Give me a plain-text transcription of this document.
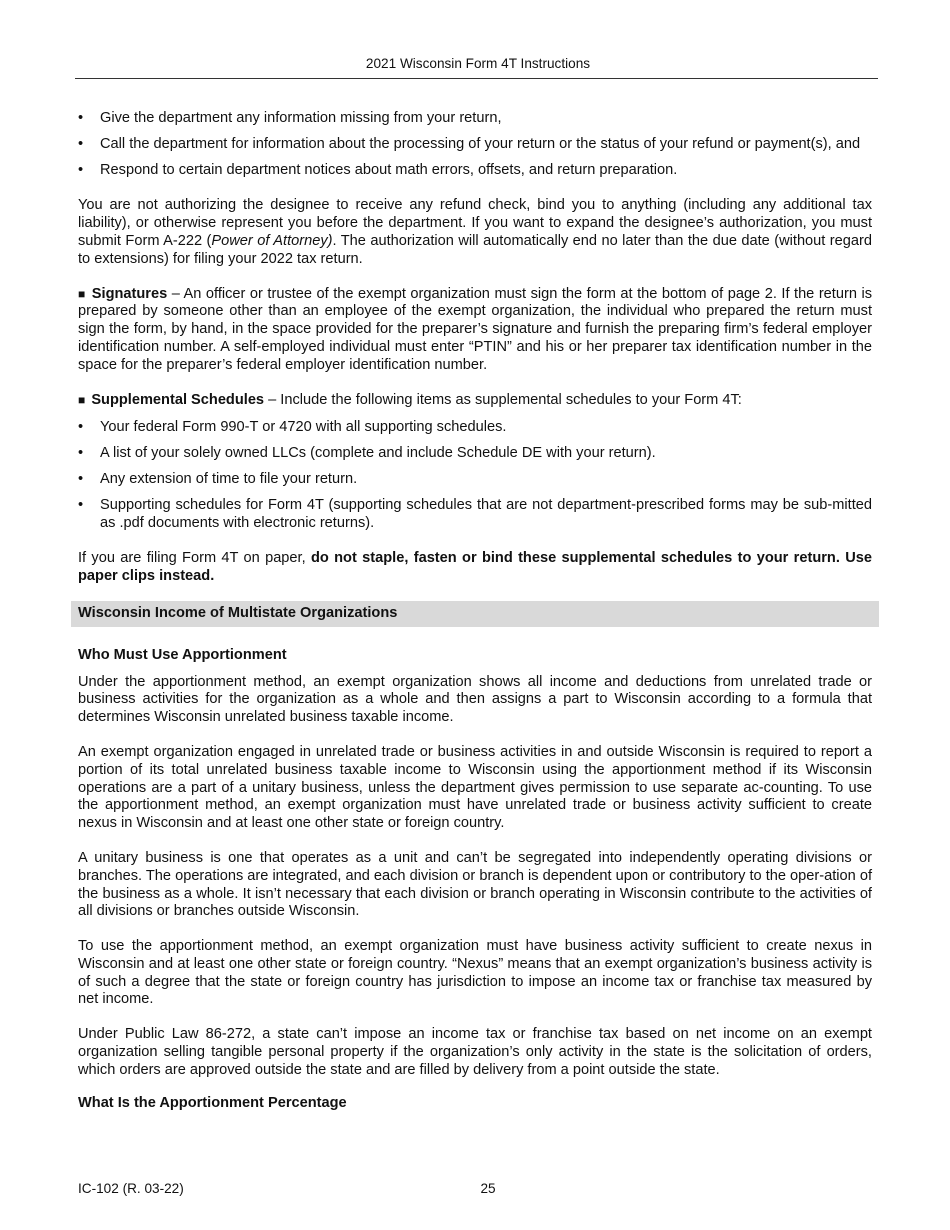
2021 Wisconsin Form 4T Instructions
• Give the department any information missing from your return,
• Call the department for information about the processing of your return or the status of your refund or payment(s), and
• Respond to certain department notices about math errors, offsets, and return preparation.

You are not authorizing the designee to receive any refund check, bind you to anything (including any additional tax liability), or otherwise represent you before the department. If you want to expand the designee’s authorization, you must submit Form A-222 (Power of Attorney). The authorization will automatically end no later than the due date (without regard to extensions) for filing your 2022 tax return.

■ Signatures – An officer or trustee of the exempt organization must sign the form at the bottom of page 2. If the return is prepared by someone other than an employee of the exempt organization, the individual who prepared the return must sign the form, by hand, in the space provided for the preparer’s signature and furnish the preparing firm’s federal employer identification number. A self-employed individual must enter “PTIN” and his or her preparer tax identification number in the space for the preparer’s federal employer identification number.

■ Supplemental Schedules – Include the following items as supplemental schedules to your Form 4T:

• Your federal Form 990-T or 4720 with all supporting schedules.
• A list of your solely owned LLCs (complete and include Schedule DE with your return).
• Any extension of time to file your return.
• Supporting schedules for Form 4T (supporting schedules that are not department-prescribed forms may be sub-mitted as .pdf documents with electronic returns).

If you are filing Form 4T on paper, do not staple, fasten or bind these supplemental schedules to your return. Use paper clips instead.

Wisconsin Income of Multistate Organizations

Who Must Use Apportionment

Under the apportionment method, an exempt organization shows all income and deductions from unrelated trade or business activities for the organization as a whole and then assigns a part to Wisconsin according to a formula that determines Wisconsin unrelated business taxable income.

An exempt organization engaged in unrelated trade or business activities in and outside Wisconsin is required to report a portion of its total unrelated business taxable income to Wisconsin using the apportionment method if its Wisconsin operations are a part of a unitary business, unless the department gives permission to use separate ac-counting. To use the apportionment method, an exempt organization must have unrelated trade or business activity sufficient to create nexus in Wisconsin and at least one other state or foreign country.

A unitary business is one that operates as a unit and can’t be segregated into independently operating divisions or branches. The operations are integrated, and each division or branch is dependent upon or contributory to the oper-ation of the business as a whole. It isn’t necessary that each division or branch operating in Wisconsin contribute to the activities of all divisions or branches outside Wisconsin.

To use the apportionment method, an exempt organization must have business activity sufficient to create nexus in Wisconsin and at least one other state or foreign country. “Nexus” means that an exempt organization’s business activity is of such a degree that the state or foreign country has jurisdiction to impose an income tax or franchise tax measured by net income.

Under Public Law 86-272, a state can’t impose an income tax or franchise tax based on net income on an exempt organization selling tangible personal property if the organization’s only activity in the state is the solicitation of orders, which orders are approved outside the state and are filled by delivery from a point outside the state.

What Is the Apportionment Percentage

IC-102 (R. 03-22)	25
